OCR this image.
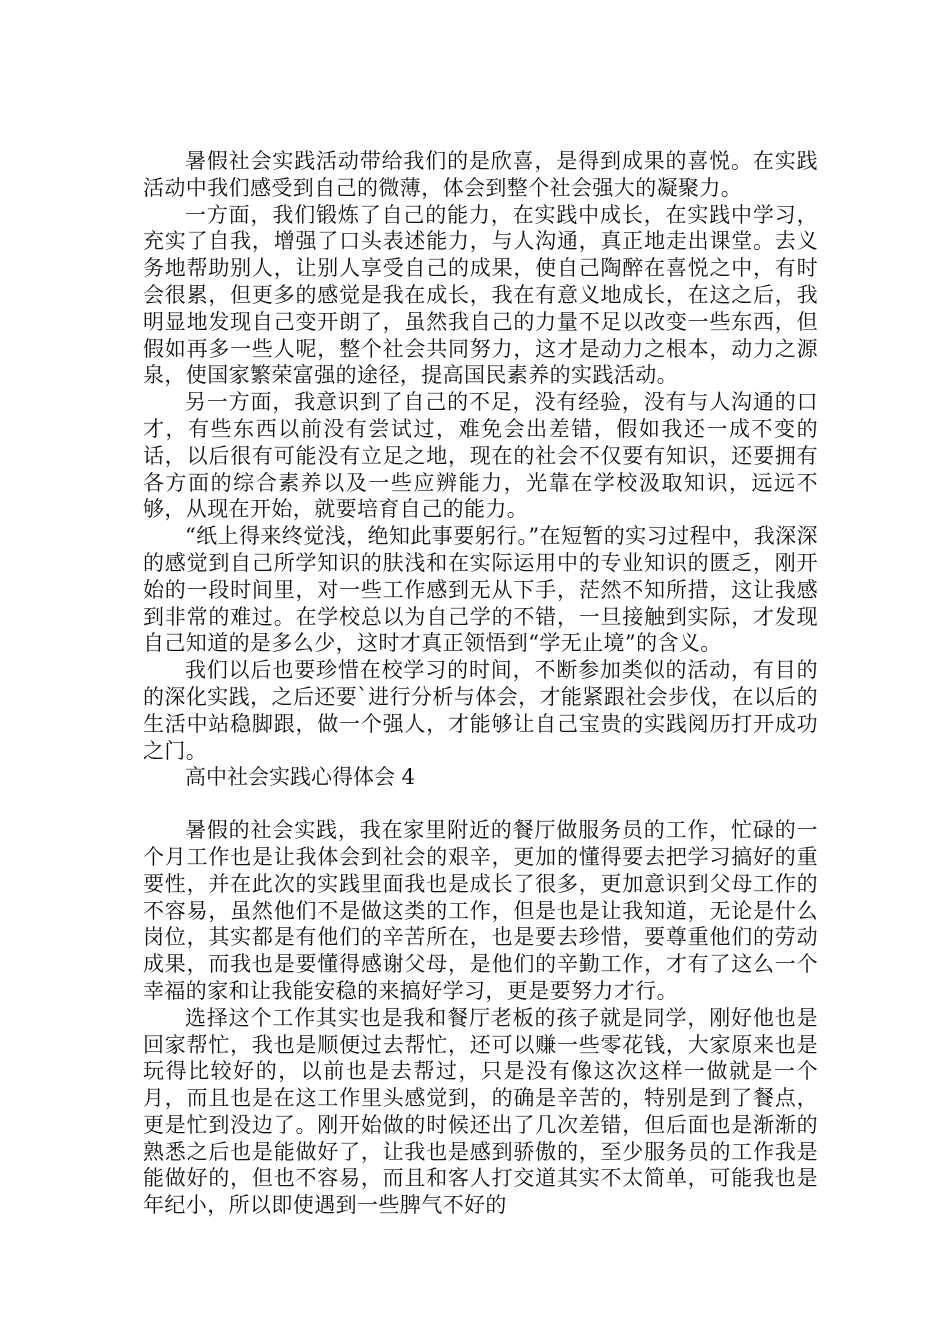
暑假社会实践活动带给我们的是欣喜，是得到成果的喜悦。在实践活动中我们感受到自己的微薄，体会到整个社会强大的凝聚力。

一方面，我们锻炼了自己的能力，在实践中成长，在实践中学习，充实了自我，增强了口头表述能力，与人沟通，真正地走出课堂。去义务地帮助别人，让别人享受自己的成果，使自己陶醉在喜悦之中，有时会很累，但更多的感觉是我在成长，我在有意义地成长，在这之后，我明显地发现自己变开朗了，虽然我自己的力量不足以改变一些东西，但假如再多一些人呢，整个社会共同努力，这才是动力之根本，动力之源泉，使国家繁荣富强的途径，提高国民素养的实践活动。

另一方面，我意识到了自己的不足，没有经验，没有与人沟通的口才，有些东西以前没有尝试过，难免会出差错，假如我还一成不变的话，以后很有可能没有立足之地，现在的社会不仅要有知识，还要拥有各方面的综合素养以及一些应辨能力，光靠在学校汲取知识，远远不够，从现在开始，就要培育自己的能力。

“纸上得来终觉浅，绝知此事要躬行。”在短暂的实习过程中，我深深的感觉到自己所学知识的肤浅和在实际运用中的专业知识的匮乏，刚开始的一段时间里，对一些工作感到无从下手，茫然不知所措，这让我感到非常的难过。在学校总以为自己学的不错，一旦接触到实际，才发现自己知道的是多么少，这时才真正领悟到“学无止境”的含义。

我们以后也要珍惜在校学习的时间，不断参加类似的活动，有目的的深化实践，之后还要`进行分析与体会，才能紧跟社会步伐，在以后的生活中站稳脚跟，做一个强人，才能够让自己宝贵的实践阅历打开成功之门。

高中社会实践心得体会 4

暑假的社会实践，我在家里附近的餐厅做服务员的工作，忙碌的一个月工作也是让我体会到社会的艰辛，更加的懂得要去把学习搞好的重要性，并在此次的实践里面我也是成长了很多，更加意识到父母工作的不容易，虽然他们不是做这类的工作，但是也是让我知道，无论是什么岗位，其实都是有他们的辛苦所在，也是要去珍惜，要尊重他们的劳动成果，而我也是要懂得感谢父母，是他们的辛勤工作，才有了这么一个幸福的家和让我能安稳的来搞好学习，更是要努力才行。

选择这个工作其实也是我和餐厅老板的孩子就是同学，刚好他也是回家帮忙，我也是顺便过去帮忙，还可以赚一些零花钱，大家原来也是玩得比较好的，以前也是去帮过，只是没有像这次这样一做就是一个月，而且也是在这工作里头感觉到，的确是辛苦的，特别是到了餐点，更是忙到没边了。刚开始做的时候还出了几次差错，但后面也是渐渐的熟悉之后也是能做好了，让我也是感到骄傲的，至少服务员的工作我是能做好的，但也不容易，而且和客人打交道其实不太简单，可能我也是年纪小，所以即使遇到一些脾气不好的
